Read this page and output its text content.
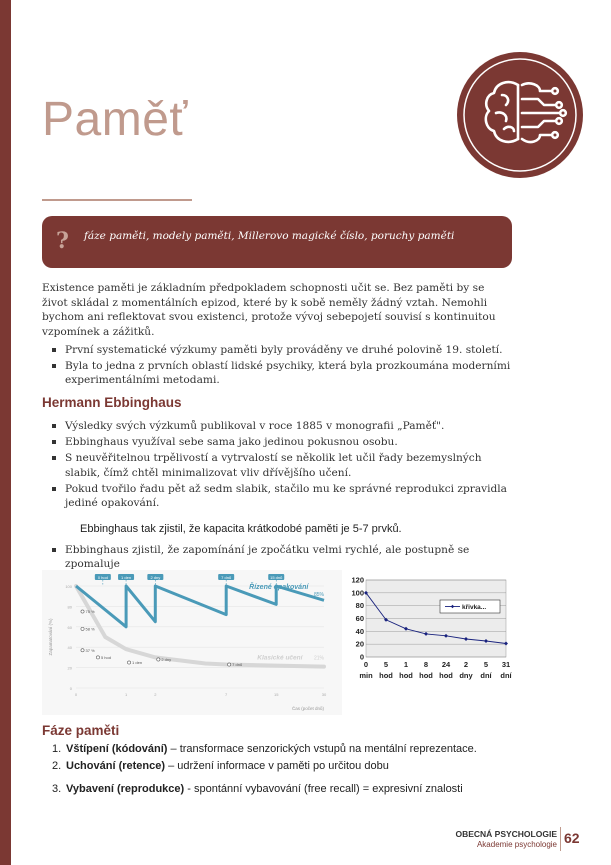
Paměť
? fáze paměti, modely paměti, Millerovo magické číslo, poruchy paměti

Existence paměti je základním předpokladem schopnosti učit se. Bez paměti by se život skládal z momentálních epizod, které by k sobě neměly žádný vztah. Nemohli bychom ani reflektovat svou existenci, protože vývoj sebepojetí souvisí s kontinuitou vzpomínek a zážitků.

První systematické výzkumy paměti byly prováděny ve druhé polovině 19. století.
Byla to jedna z prvních oblastí lidské psychiky, která byla prozkoumána moderními experimentálními metodami.
Hermann Ebbinghaus
Výsledky svých výzkumů publikoval v roce 1885 v monografii „Paměť".
Ebbinghaus využíval sebe sama jako jedinou pokusnou osobu.
S neuvěřitelnou trpělivostí a vytrvalostí se několik let učil řady bezemyslných slabik, čímž chtěl minimalizovat vliv dřívějšího učení.
Pokud tvořilo řadu pět až sedm slabik, stačilo mu ke správné reprodukci zpravidla jediné opakování.
Ebbinghaus tak zjistil, že kapacita krátkodobé paměti je 5-7 prvků.
Ebbinghaus zjistil, že zapomínání je zpočátku velmi rychlé, ale postupně se zpomaluje
0
20
40
60
80
100
0	1	2	7	15	30
Zapamatování (%)
Čas (počet dnů)
Klasické učení 21%
Řízené opakování
85%
0 hod	1 den	2 dny	7 dnů	15 dnů
75 %
58 %
37 %
5 hod
1 den
2 dny
7 dnů
0
20
40
60
80
100
120
0
min
5
hod
1
hod
8
hod
24
hod
2
dny
5
dní
31
dní
křivka...
Fáze paměti
1. Vštípení (kódování) – transformace senzorických vstupů na mentální reprezentace.
2. Uchování (retence) – udržení informace v paměti po určitou dobu
3. Vybavení (reprodukce) - spontánní vybavování (free recall) = expresivní znalosti
OBECNÁ PSYCHOLOGIE
Akademie psychologie 62
